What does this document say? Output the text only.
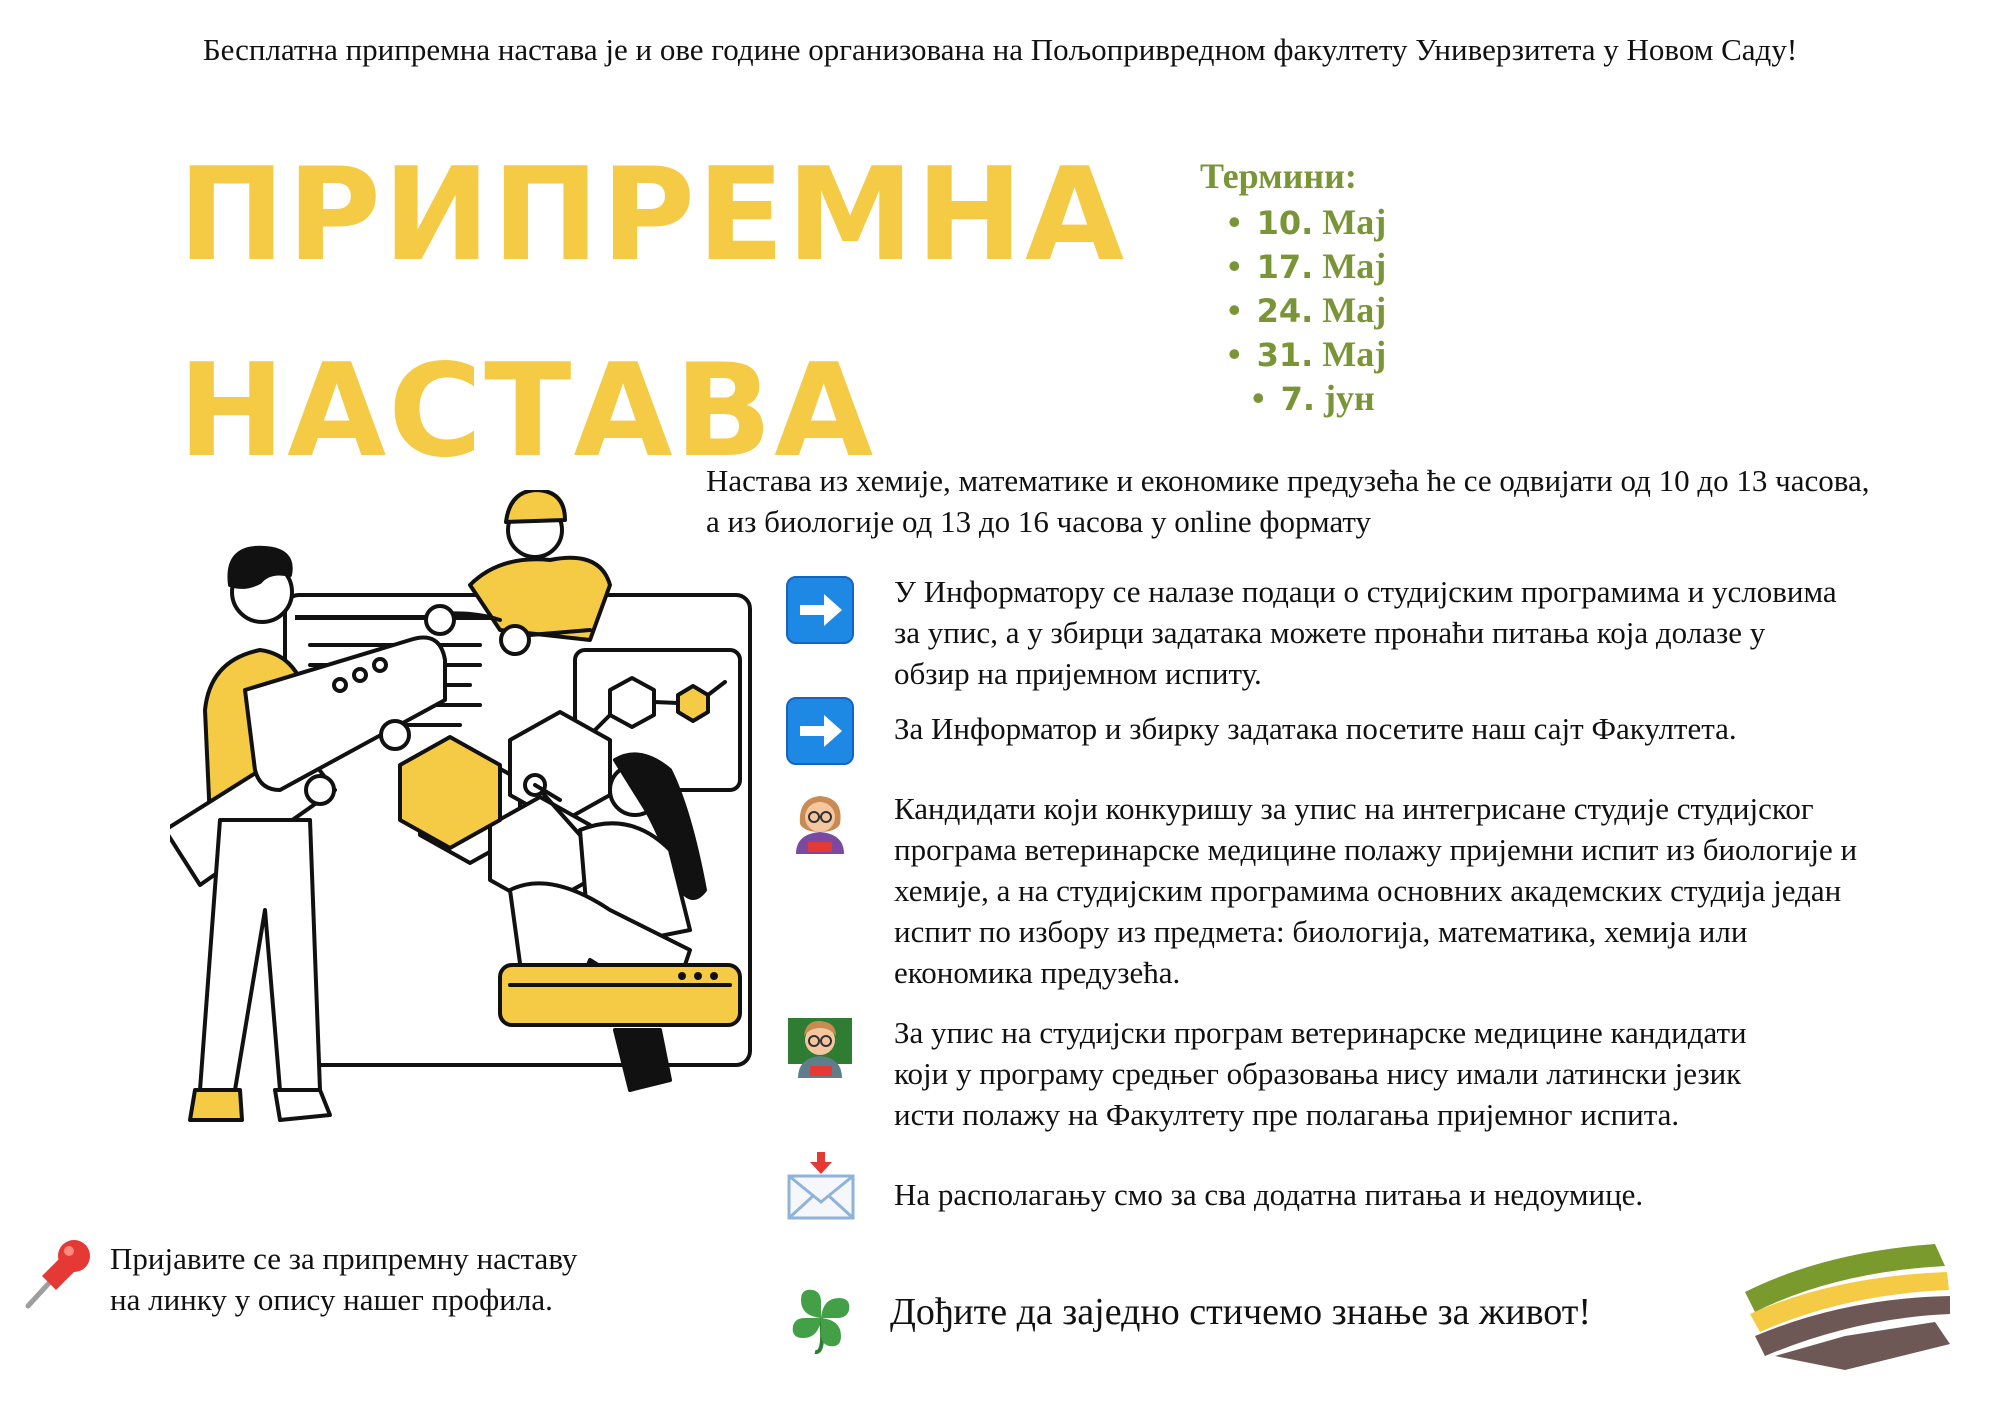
Бесплатна припремна настава је и ове године организована на Пољопривредном факултету Универзитета у Новом Саду!
ПРИПРЕМНА
НАСТАВА
Термини:
• 10. Мај
• 17. Мај
• 24. Мај
• 31. Мај
• 7. јун
Настава из хемије, математике и економике предузећа ће се одвијати од 10 до 13 часова,
а из биологије од 13 до 16 часова у online формату
У Информатору се налазе подаци о студијским програмима и условима
за упис, а у збирци задатака можете пронаћи питања која долазе у
обзир на пријемном испиту.
За Информатор и збирку задатака посетите наш сајт Факултета.
Кандидати који конкуришу за упис на интегрисане студије студијског
програма ветеринарске медицине полажу пријемни испит из биологије и
хемије, а на студијским програмима основних академских студија један
испит по избору из предмета: биологија, математика, хемија или
економика предузећа.
За упис на студијски програм ветеринарске медицине кандидати
који у програму средњег образовања нису имали латински језик
исти полажу на Факултету пре полагања пријемног испита.
На располагању смо за сва додатна питања и недоумице.
Пријавите се за припремну наставу
на линку у опису нашег профила.	Дођите да заједно стичемо знање за живот!
